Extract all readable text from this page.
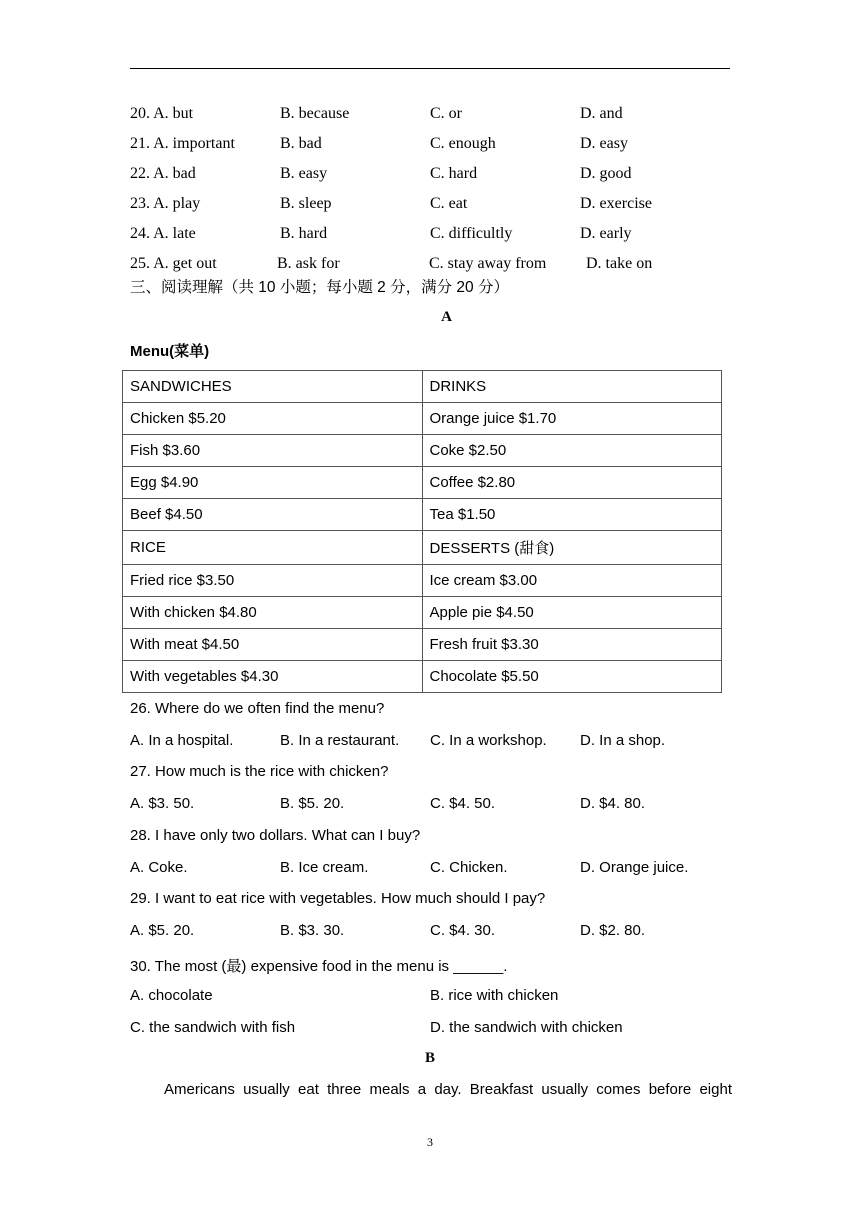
20. A. but	B. because	C. or	D. and
21. A. important	B. bad	C. enough	D. easy
22. A. bad	B. easy	C. hard	D. good
23. A. play	B. sleep	C. eat	D. exercise
24. A. late	B. hard	C. difficultly	D. early
25. A. get out	B. ask for	C. stay away from D. take on
三、阅读理解（共 10 小题；每小题 2 分，满分 20 分）
A
Menu(菜单)
SANDWICHES	DRINKS
Chicken $5.20	Orange juice $1.70
Fish $3.60	Coke $2.50
Egg $4.90	Coffee $2.80
Beef $4.50	Tea $1.50
RICE	DESSERTS (甜食)
Fried rice $3.50	Ice cream $3.00
With chicken $4.80	Apple pie $4.50
With meat $4.50	Fresh fruit $3.30
With vegetables $4.30	Chocolate $5.50
26. Where do we often find the menu?
A. In a hospital.	B. In a restaurant. C. In a workshop. D. In a shop.
27. How much is the rice with chicken?
A. $3. 50.	B. $5. 20.	C. $4. 50.	D. $4. 80.
28. I have only two dollars. What can I buy?
A. Coke.	B. Ice cream.	C. Chicken.	D. Orange juice.
29. I want to eat rice with vegetables. How much should I pay?
A. $5. 20.	B. $3. 30.	C. $4. 30.	D. $2. 80.
30. The most (最) expensive food in the menu is ______.
A. chocolate	B. rice with chicken
C. the sandwich with fish	D. the sandwich with chicken
B
Americans usually eat three meals a day. Breakfast usually comes before eight
3
